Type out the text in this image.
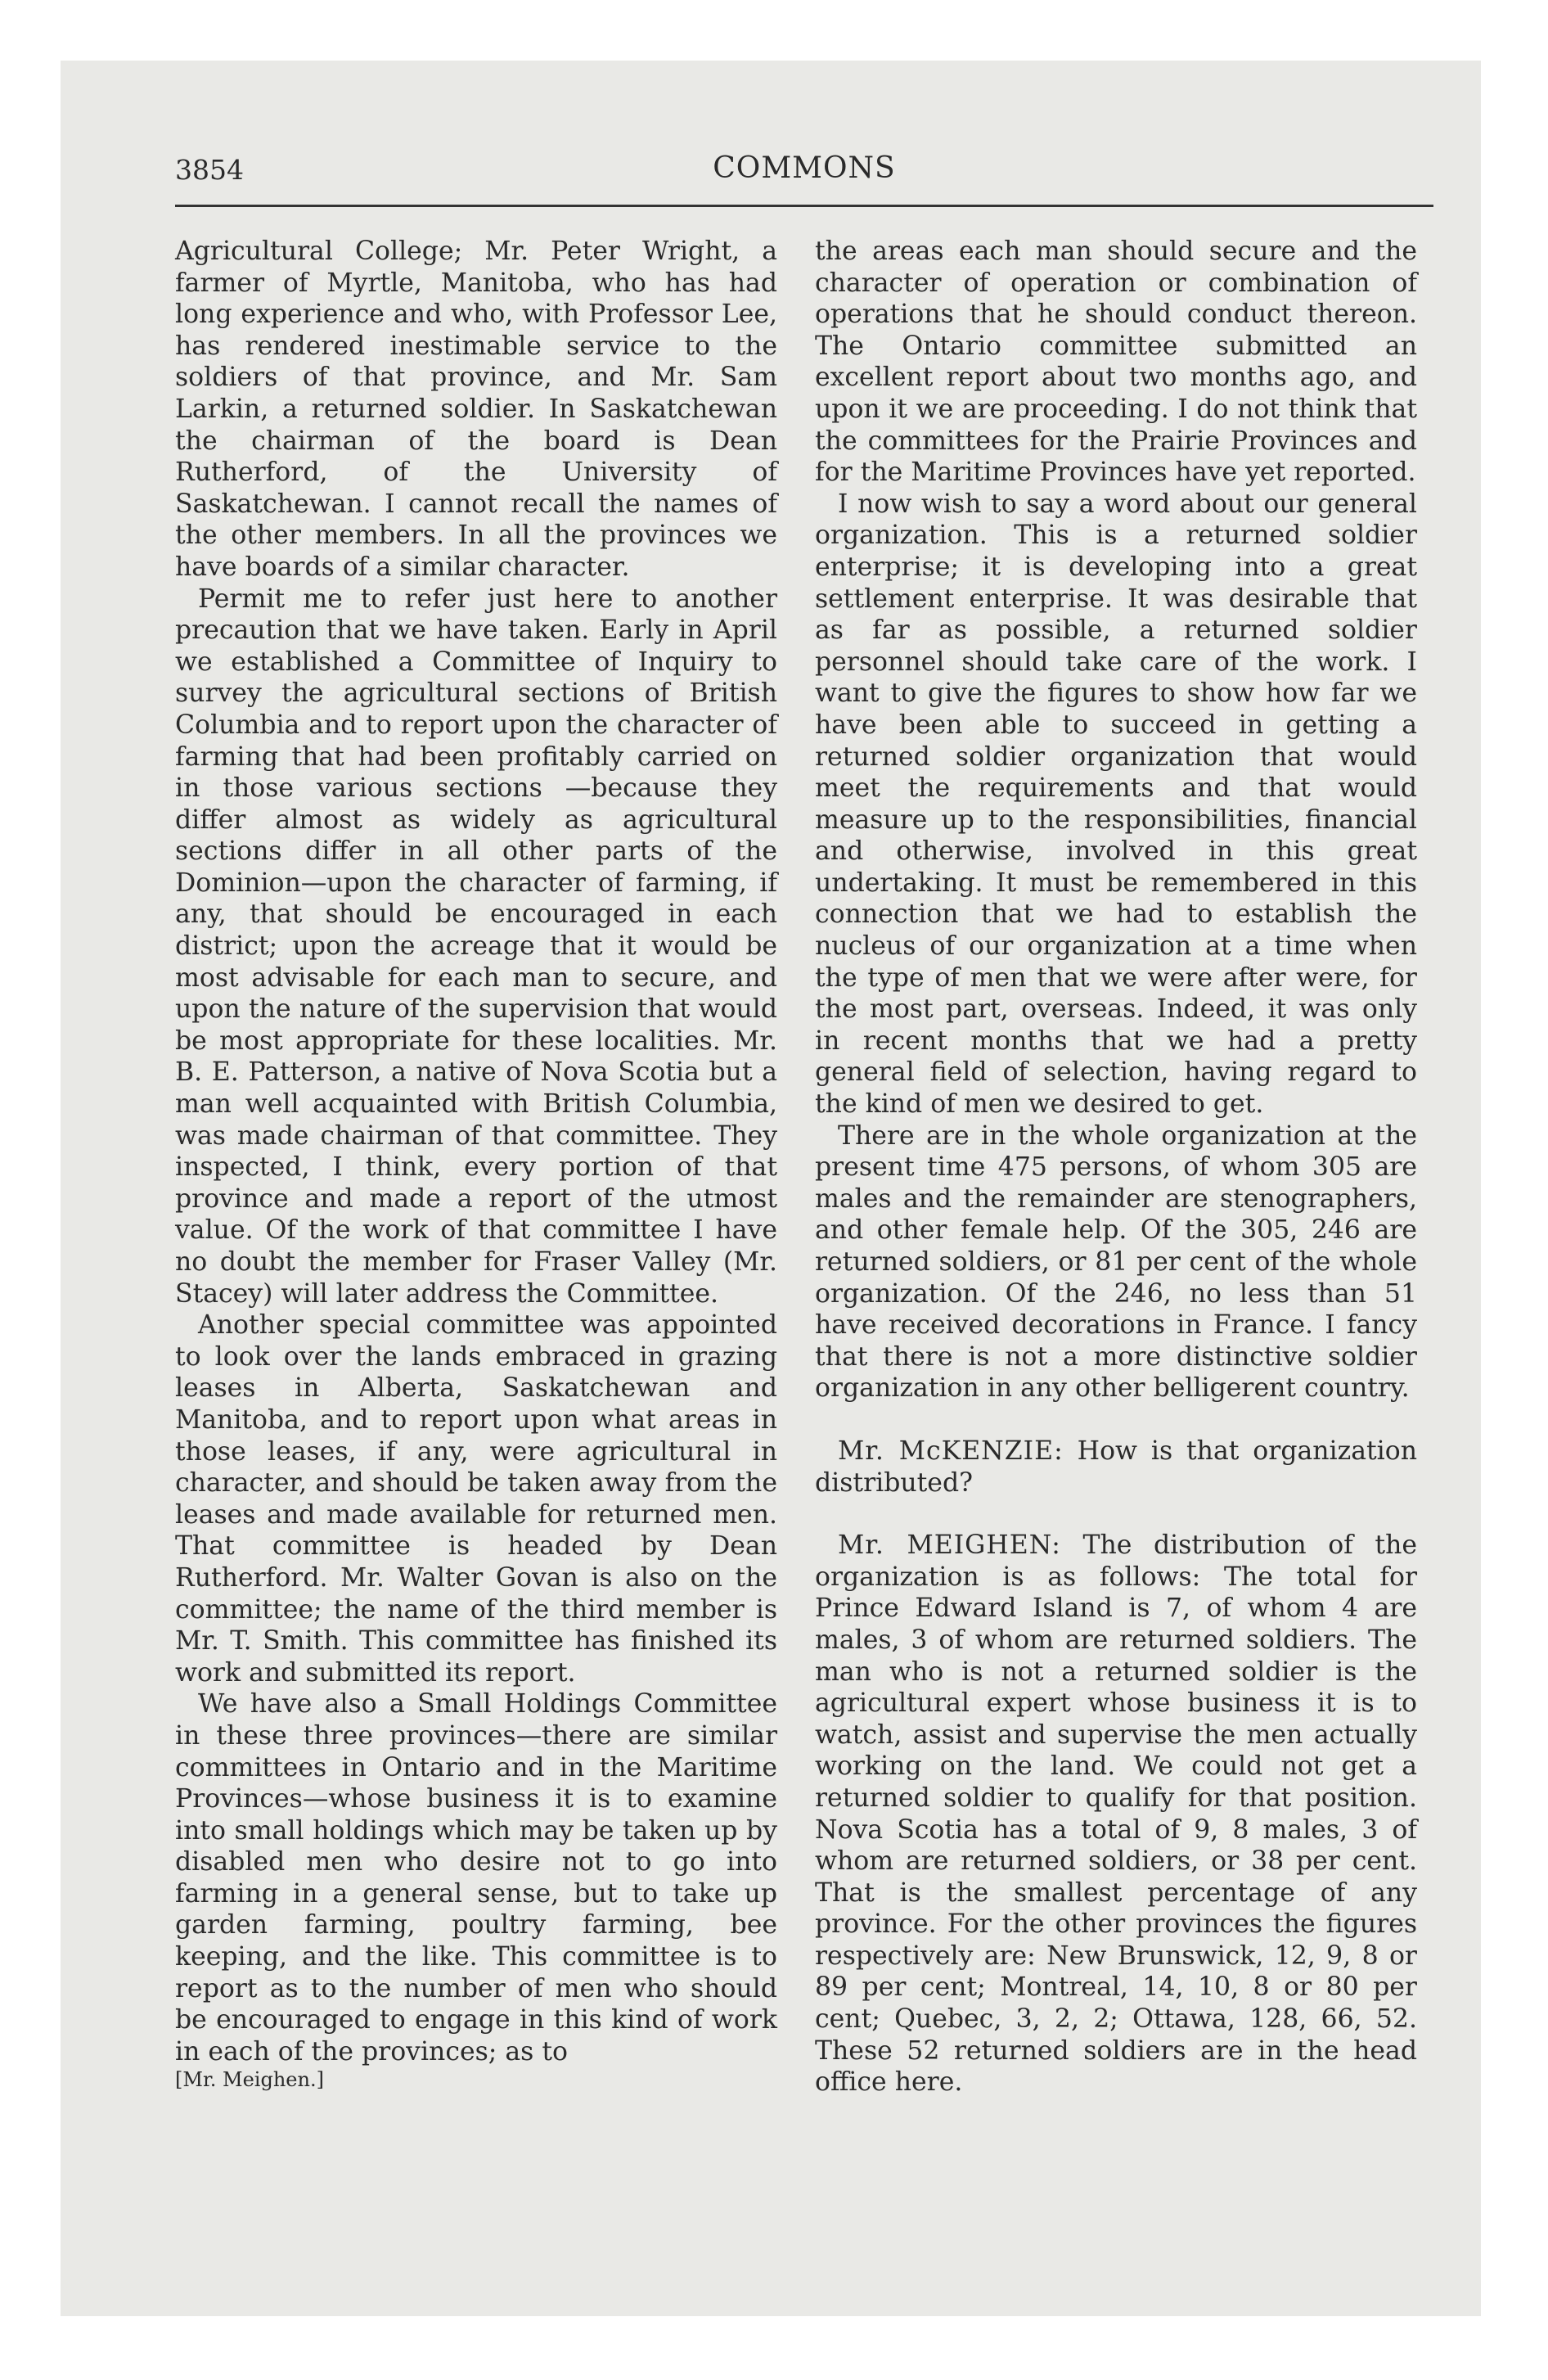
3854	COMMONS

Agricultural College; Mr. Peter Wright, a farmer of Myrtle, Manitoba, who has had long experience and who, with Professor Lee, has rendered inestimable service to the soldiers of that province, and Mr. Sam Larkin, a returned soldier. In Saskatchewan the chairman of the board is Dean Rutherford, of the University of Saskatchewan. I cannot recall the names of the other members. In all the provinces we have boards of a similar character.

Permit me to refer just here to another precaution that we have taken. Early in April we established a Committee of Inquiry to survey the agricultural sections of British Columbia and to report upon the character of farming that had been profitably carried on in those various sections —because they differ almost as widely as agricultural sections differ in all other parts of the Dominion—upon the character of farming, if any, that should be encouraged in each district; upon the acreage that it would be most advisable for each man to secure, and upon the nature of the supervision that would be most appropriate for these localities. Mr. B. E. Patterson, a native of Nova Scotia but a man well acquainted with British Columbia, was made chairman of that committee. They inspected, I think, every portion of that province and made a report of the utmost value. Of the work of that committee I have no doubt the member for Fraser Valley (Mr. Stacey) will later address the Committee.

Another special committee was appointed to look over the lands embraced in grazing leases in Alberta, Saskatchewan and Manitoba, and to report upon what areas in those leases, if any, were agricultural in character, and should be taken away from the leases and made available for returned men. That committee is headed by Dean Rutherford. Mr. Walter Govan is also on the committee; the name of the third member is Mr. T. Smith. This committee has finished its work and submitted its report.

We have also a Small Holdings Committee in these three provinces—there are similar committees in Ontario and in the Maritime Provinces—whose business it is to examine into small holdings which may be taken up by disabled men who desire not to go into farming in a general sense, but to take up garden farming, poultry farming, bee keeping, and the like. This committee is to report as to the number of men who should be encouraged to engage in this kind of work in each of the provinces; as to

[Mr. Meighen.]

the areas each man should secure and the character of operation or combination of operations that he should conduct thereon. The Ontario committee submitted an excellent report about two months ago, and upon it we are proceeding. I do not think that the committees for the Prairie Provinces and for the Maritime Provinces have yet reported.

I now wish to say a word about our general organization. This is a returned soldier enterprise; it is developing into a great settlement enterprise. It was desirable that as far as possible, a returned soldier personnel should take care of the work. I want to give the figures to show how far we have been able to succeed in getting a returned soldier organization that would meet the requirements and that would measure up to the responsibilities, financial and otherwise, involved in this great undertaking. It must be remembered in this connection that we had to establish the nucleus of our organization at a time when the type of men that we were after were, for the most part, overseas. Indeed, it was only in recent months that we had a pretty general field of selection, having regard to the kind of men we desired to get.

There are in the whole organization at the present time 475 persons, of whom 305 are males and the remainder are stenographers, and other female help. Of the 305, 246 are returned soldiers, or 81 per cent of the whole organization. Of the 246, no less than 51 have received decorations in France. I fancy that there is not a more distinctive soldier organization in any other belligerent country.

Mr. McKENZIE: How is that organization distributed?

Mr. MEIGHEN: The distribution of the organization is as follows: The total for Prince Edward Island is 7, of whom 4 are males, 3 of whom are returned soldiers. The man who is not a returned soldier is the agricultural expert whose business it is to watch, assist and supervise the men actually working on the land. We could not get a returned soldier to qualify for that position. Nova Scotia has a total of 9, 8 males, 3 of whom are returned soldiers, or 38 per cent. That is the smallest percentage of any province. For the other provinces the figures respectively are: New Brunswick, 12, 9, 8 or 89 per cent; Montreal, 14, 10, 8 or 80 per cent; Quebec, 3, 2, 2; Ottawa, 128, 66, 52. These 52 returned soldiers are in the head office here.
